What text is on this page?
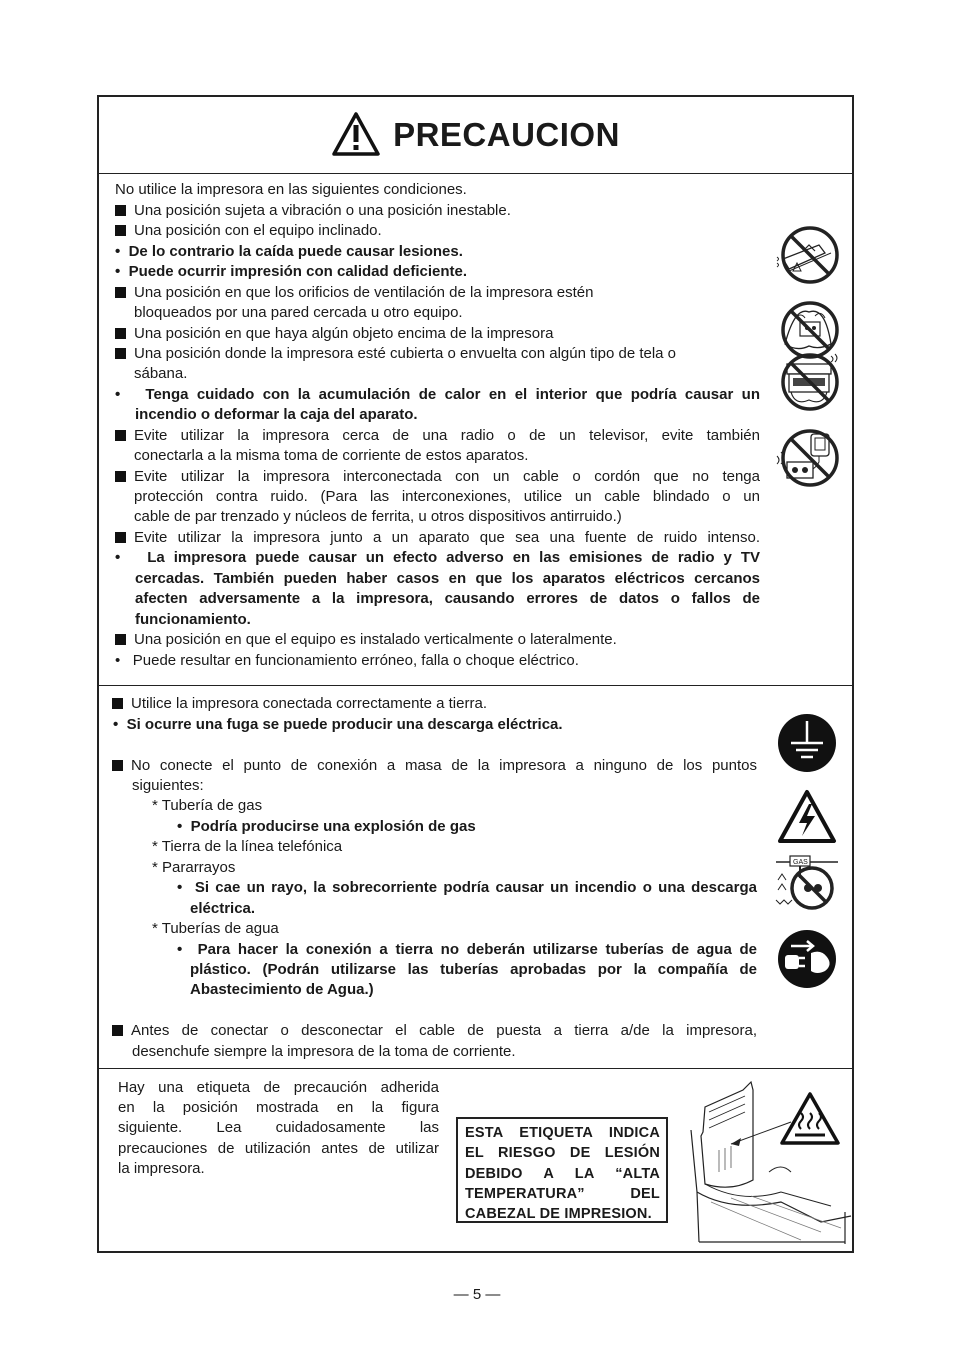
PRECAUCION
No utilice la impresora en las siguientes condiciones.
Una posición sujeta a vibración o una posición inestable.
Una posición con el equipo inclinado.
•  De lo contrario la caída puede causar lesiones.
•  Puede ocurrir impresión con calidad deficiente.
Una posición en que los orificios de ventilación de la impresora estén
bloqueados por una pared cercada u otro equipo.
Una posición en que haya algún objeto encima de la impresora
Una posición donde la impresora esté cubierta o envuelta con algún tipo de tela o
sábana.
•   Tenga cuidado con la acumulación de calor en el interior que podría causar un
incendio o deformar la caja del aparato.
Evite utilizar la impresora cerca de una radio o de un televisor, evite también
conectarla a la misma toma de corriente de estos aparatos.
Evite utilizar la impresora interconectada con un cable o cordón que no tenga
protección contra ruido. (Para las interconexiones, utilice un cable blindado o un
cable de par trenzado y núcleos de ferrita, u otros dispositivos antirruido.)
Evite utilizar la impresora junto a un aparato que sea una fuente de ruido intenso.
•   La impresora puede causar un efecto adverso en las emisiones de radio y TV
cercadas. También pueden haber casos en que los aparatos eléctricos cercanos
afecten adversamente a la impresora, causando errores de datos o fallos de
funcionamiento.
Una posición en que el equipo es instalado verticalmente o lateralmente.
•   Puede resultar en funcionamiento erróneo, falla o choque eléctrico.
Utilice la impresora conectada correctamente a tierra.
•  Si ocurre una fuga se puede producir una descarga eléctrica.
No conecte el punto de conexión a masa de la impresora a ninguno de los puntos
siguientes:
* Tubería de gas
•  Podría producirse una explosión de gas
* Tierra de la línea telefónica
* Pararrayos
•  Si cae un rayo, la sobrecorriente podría causar un incendio o una descarga
eléctrica.
* Tuberías de agua
•  Para hacer la conexión a tierra no deberán utilizarse tuberías de agua de
plástico. (Podrán utilizarse las tuberías aprobadas por la compañía de
Abastecimiento de Agua.)
Antes de conectar o desconectar el cable de puesta a tierra a/de la impresora,
desenchufe siempre la impresora de la toma de corriente.
GAS
Hay una etiqueta de precaución adherida
en la posición mostrada en la figura
siguiente. Lea cuidadosamente las
precauciones de utilización antes de utilizar
la impresora.
ESTA ETIQUETA INDICA
EL RIESGO DE LESIÓN
DEBIDO A LA “ALTA
TEMPERATURA” DEL
CABEZAL DE IMPRESION.
— 5 —
